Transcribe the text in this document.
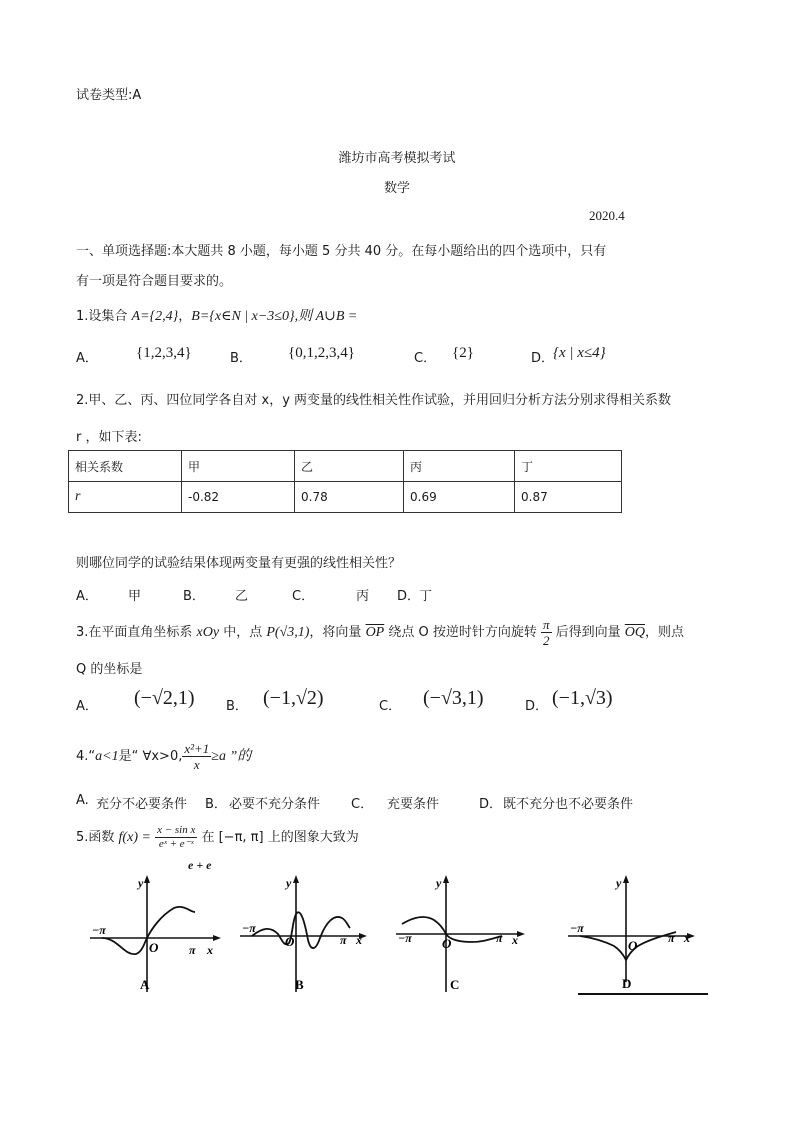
试卷类型:A
潍坊市高考模拟考试
数学
2020.4
一、单项选择题:本大题共 8 小题，每小题 5 分共 40 分。在每小题给出的四个选项中，只有
有一项是符合题目要求的。
1.设集合 A={2,4}，B={x∈N | x−3≤0},则 A∪B =
A．	{1,2,3,4}	B． {0,1,2,3,4}	C． {2}	D．
{x | x≤4}
2.甲、乙、丙、四位同学各自对 x，y 两变量的线性相关性作试验，并用回归分析方法分别求得相关系数
r ，如下表:
相关系数	甲	乙	丙	丁
r	-0.82	0.78	0.69	0.87
则哪位同学的试验结果体现两变量有更强的线性相关性？
A． 甲	B． 乙	C．	丙 D．
丁
3.在平面直角坐标系 xOy 中，点 P(√3,1)，将向量 $\overline{OP}$ 绕点 O 按逆时针方向旋转 $\frac{\pi}{2}$ 后得到向量 $\overline{OQ}$，则点
Q 的坐标是
A． (−√2,1) B． (−1,√2)	C． (−√3,1)	D． (−1,√3)
4.“a<1是“ ∀x>0, $\frac{\text{x²+1}}{x} \ge a$ ”的
A. 充分不必要条件 B． 必要不充分条件 C． 充要条件	D． 既不充分也不必要条件
5.函数 $f(x) = \frac{\text{x − sin x}}{\text{eˣ + e⁻ˣ}}$ 在 [−π, π] 上的图象大致为
e + e
y
−π
O	π x
A
y
−π
O	π x
B
y
−π O	π x
C
y
−π
O	π x
D
